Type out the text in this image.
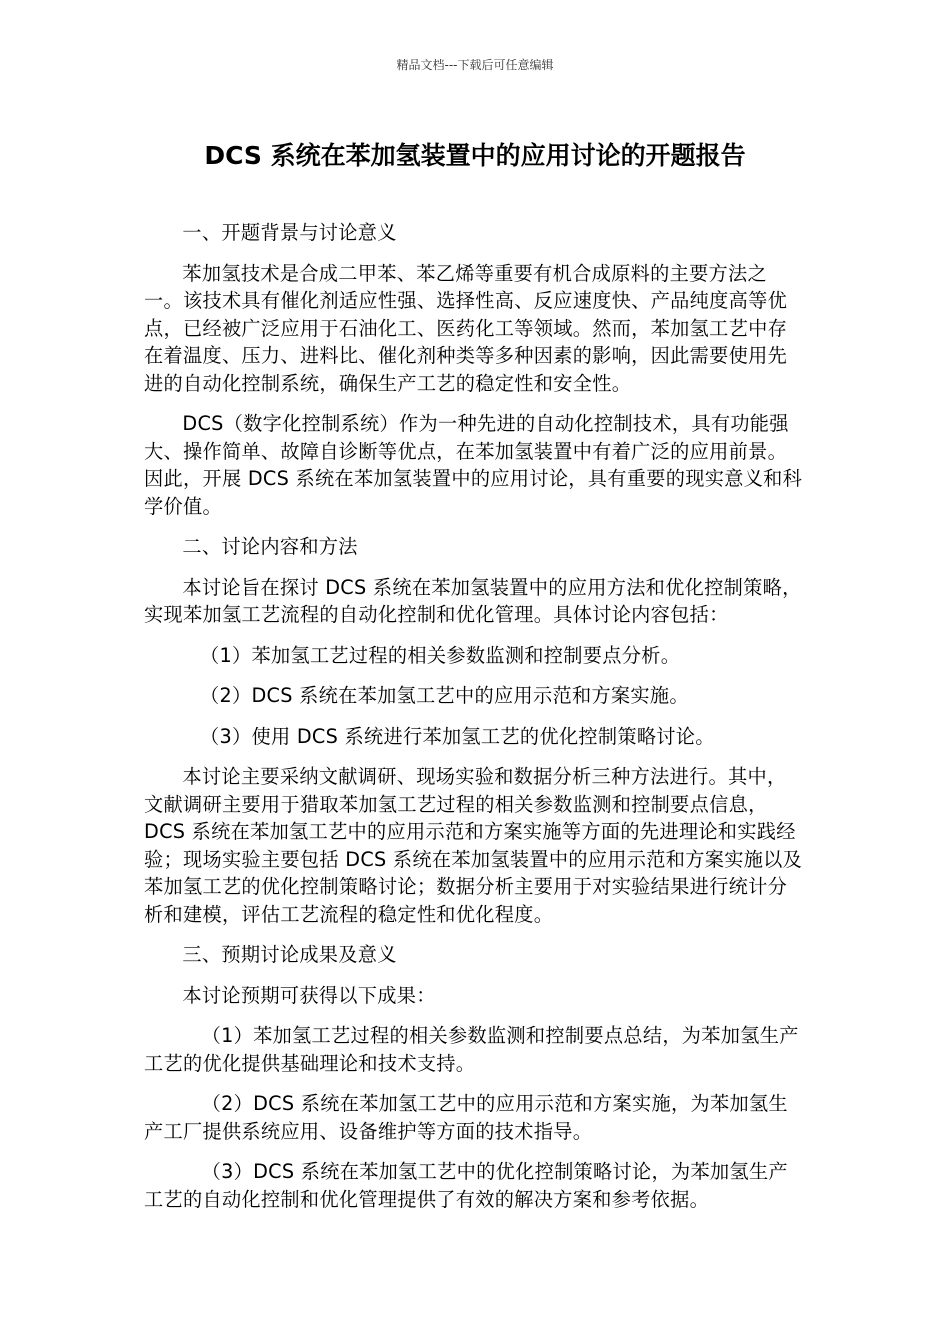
精品文档---下载后可任意编辑
DCS 系统在苯加氢装置中的应用讨论的开题报告

一、开题背景与讨论意义

苯加氢技术是合成二甲苯、苯乙烯等重要有机合成原料的主要方法之一。该技术具有催化剂适应性强、选择性高、反应速度快、产品纯度高等优点，已经被广泛应用于石油化工、医药化工等领域。然而，苯加氢工艺中存在着温度、压力、进料比、催化剂种类等多种因素的影响，因此需要使用先进的自动化控制系统，确保生产工艺的稳定性和安全性。

DCS（数字化控制系统）作为一种先进的自动化控制技术，具有功能强大、操作简单、故障自诊断等优点，在苯加氢装置中有着广泛的应用前景。因此，开展 DCS 系统在苯加氢装置中的应用讨论，具有重要的现实意义和科学价值。

二、讨论内容和方法

本讨论旨在探讨 DCS 系统在苯加氢装置中的应用方法和优化控制策略，实现苯加氢工艺流程的自动化控制和优化管理。具体讨论内容包括：

（1）苯加氢工艺过程的相关参数监测和控制要点分析。

（2）DCS 系统在苯加氢工艺中的应用示范和方案实施。

（3）使用 DCS 系统进行苯加氢工艺的优化控制策略讨论。

本讨论主要采纳文献调研、现场实验和数据分析三种方法进行。其中，文献调研主要用于猎取苯加氢工艺过程的相关参数监测和控制要点信息，DCS 系统在苯加氢工艺中的应用示范和方案实施等方面的先进理论和实践经验；现场实验主要包括 DCS 系统在苯加氢装置中的应用示范和方案实施以及苯加氢工艺的优化控制策略讨论；数据分析主要用于对实验结果进行统计分析和建模，评估工艺流程的稳定性和优化程度。

三、预期讨论成果及意义

本讨论预期可获得以下成果：

（1）苯加氢工艺过程的相关参数监测和控制要点总结，为苯加氢生产工艺的优化提供基础理论和技术支持。

（2）DCS 系统在苯加氢工艺中的应用示范和方案实施，为苯加氢生产工厂提供系统应用、设备维护等方面的技术指导。

（3）DCS 系统在苯加氢工艺中的优化控制策略讨论，为苯加氢生产工艺的自动化控制和优化管理提供了有效的解决方案和参考依据。
